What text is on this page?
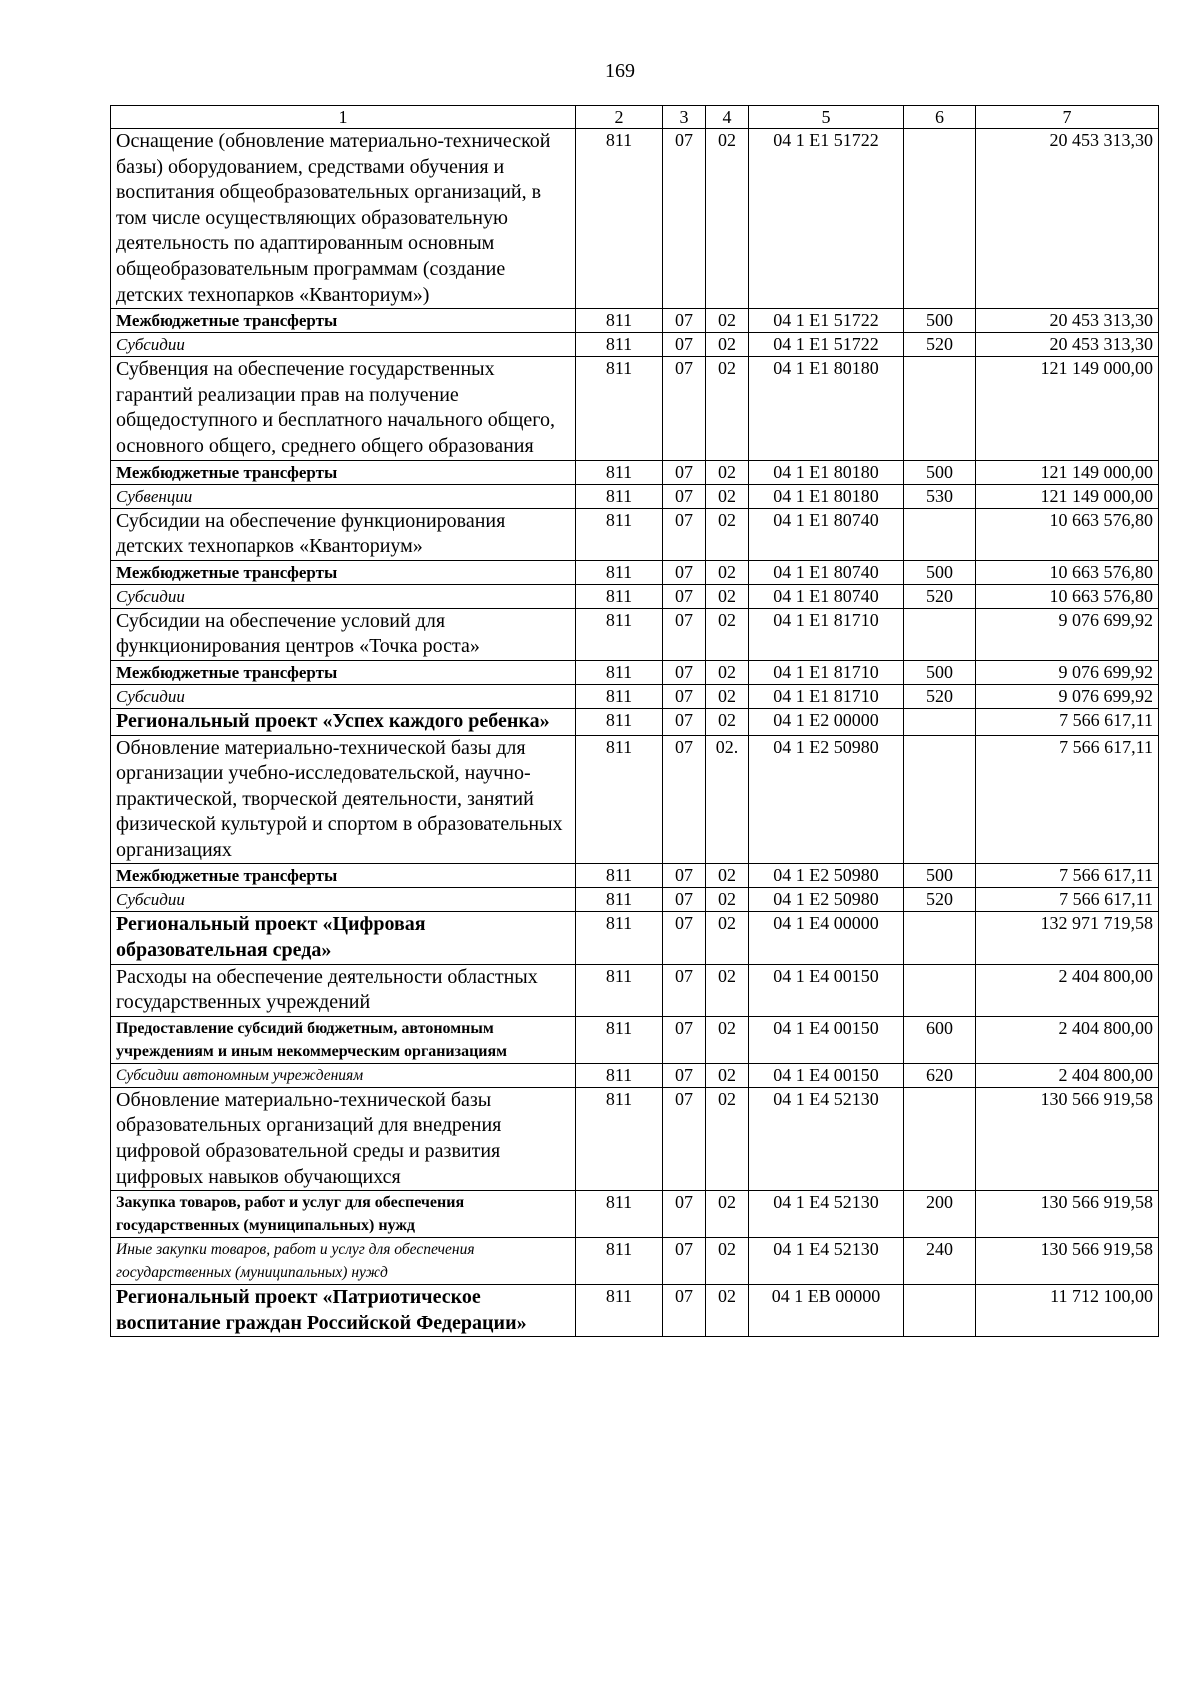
169
1	2	3	4	5	6	7
Оснащение (обновление материально-технической базы) оборудованием, средствами обучения и воспитания общеобразовательных организаций, в том числе осуществляющих образовательную деятельность по адаптированным основным общеобразовательным программам (создание детских технопарков «Кванториум»)	811	07	02	04 1 E1 51722		20 453 313,30
Межбюджетные трансферты	811	07	02	04 1 E1 51722	500	20 453 313,30
Субсидии	811	07	02	04 1 E1 51722	520	20 453 313,30
Субвенция на обеспечение государственных гарантий реализации прав на получение общедоступного и бесплатного начального общего, основного общего, среднего общего образования	811	07	02	04 1 E1 80180		121 149 000,00
Межбюджетные трансферты	811	07	02	04 1 E1 80180	500	121 149 000,00
Субвенции	811	07	02	04 1 E1 80180	530	121 149 000,00
Субсидии на обеспечение функционирования детских технопарков «Кванториум»	811	07	02	04 1 E1 80740		10 663 576,80
Межбюджетные трансферты	811	07	02	04 1 E1 80740	500	10 663 576,80
Субсидии	811	07	02	04 1 E1 80740	520	10 663 576,80
Субсидии на обеспечение условий для функционирования центров «Точка роста»	811	07	02	04 1 E1 81710		9 076 699,92
Межбюджетные трансферты	811	07	02	04 1 E1 81710	500	9 076 699,92
Субсидии	811	07	02	04 1 E1 81710	520	9 076 699,92
Региональный проект «Успех каждого ребенка»	811	07	02	04 1 E2 00000		7 566 617,11
Обновление материально-технической базы для организации учебно-исследовательской, научно-практической, творческой деятельности, занятий физической культурой и спортом в образовательных организациях	811	07	02.	04 1 E2 50980		7 566 617,11
Межбюджетные трансферты	811	07	02	04 1 E2 50980	500	7 566 617,11
Субсидии	811	07	02	04 1 E2 50980	520	7 566 617,11
Региональный проект «Цифровая образовательная среда»	811	07	02	04 1 E4 00000		132 971 719,58
Расходы на обеспечение деятельности областных государственных учреждений	811	07	02	04 1 E4 00150		2 404 800,00
Предоставление субсидий бюджетным, автономным учреждениям и иным некоммерческим организациям	811	07	02	04 1 E4 00150	600	2 404 800,00
Субсидии автономным учреждениям	811	07	02	04 1 E4 00150	620	2 404 800,00
Обновление материально-технической базы образовательных организаций для внедрения цифровой образовательной среды и развития цифровых навыков обучающихся	811	07	02	04 1 E4 52130		130 566 919,58
Закупка товаров, работ и услуг для обеспечения государственных (муниципальных) нужд	811	07	02	04 1 E4 52130	200	130 566 919,58
Иные закупки товаров, работ и услуг для обеспечения государственных (муниципальных) нужд	811	07	02	04 1 E4 52130	240	130 566 919,58
Региональный проект «Патриотическое воспитание граждан Российской Федерации»	811	07	02	04 1 EB 00000		11 712 100,00
